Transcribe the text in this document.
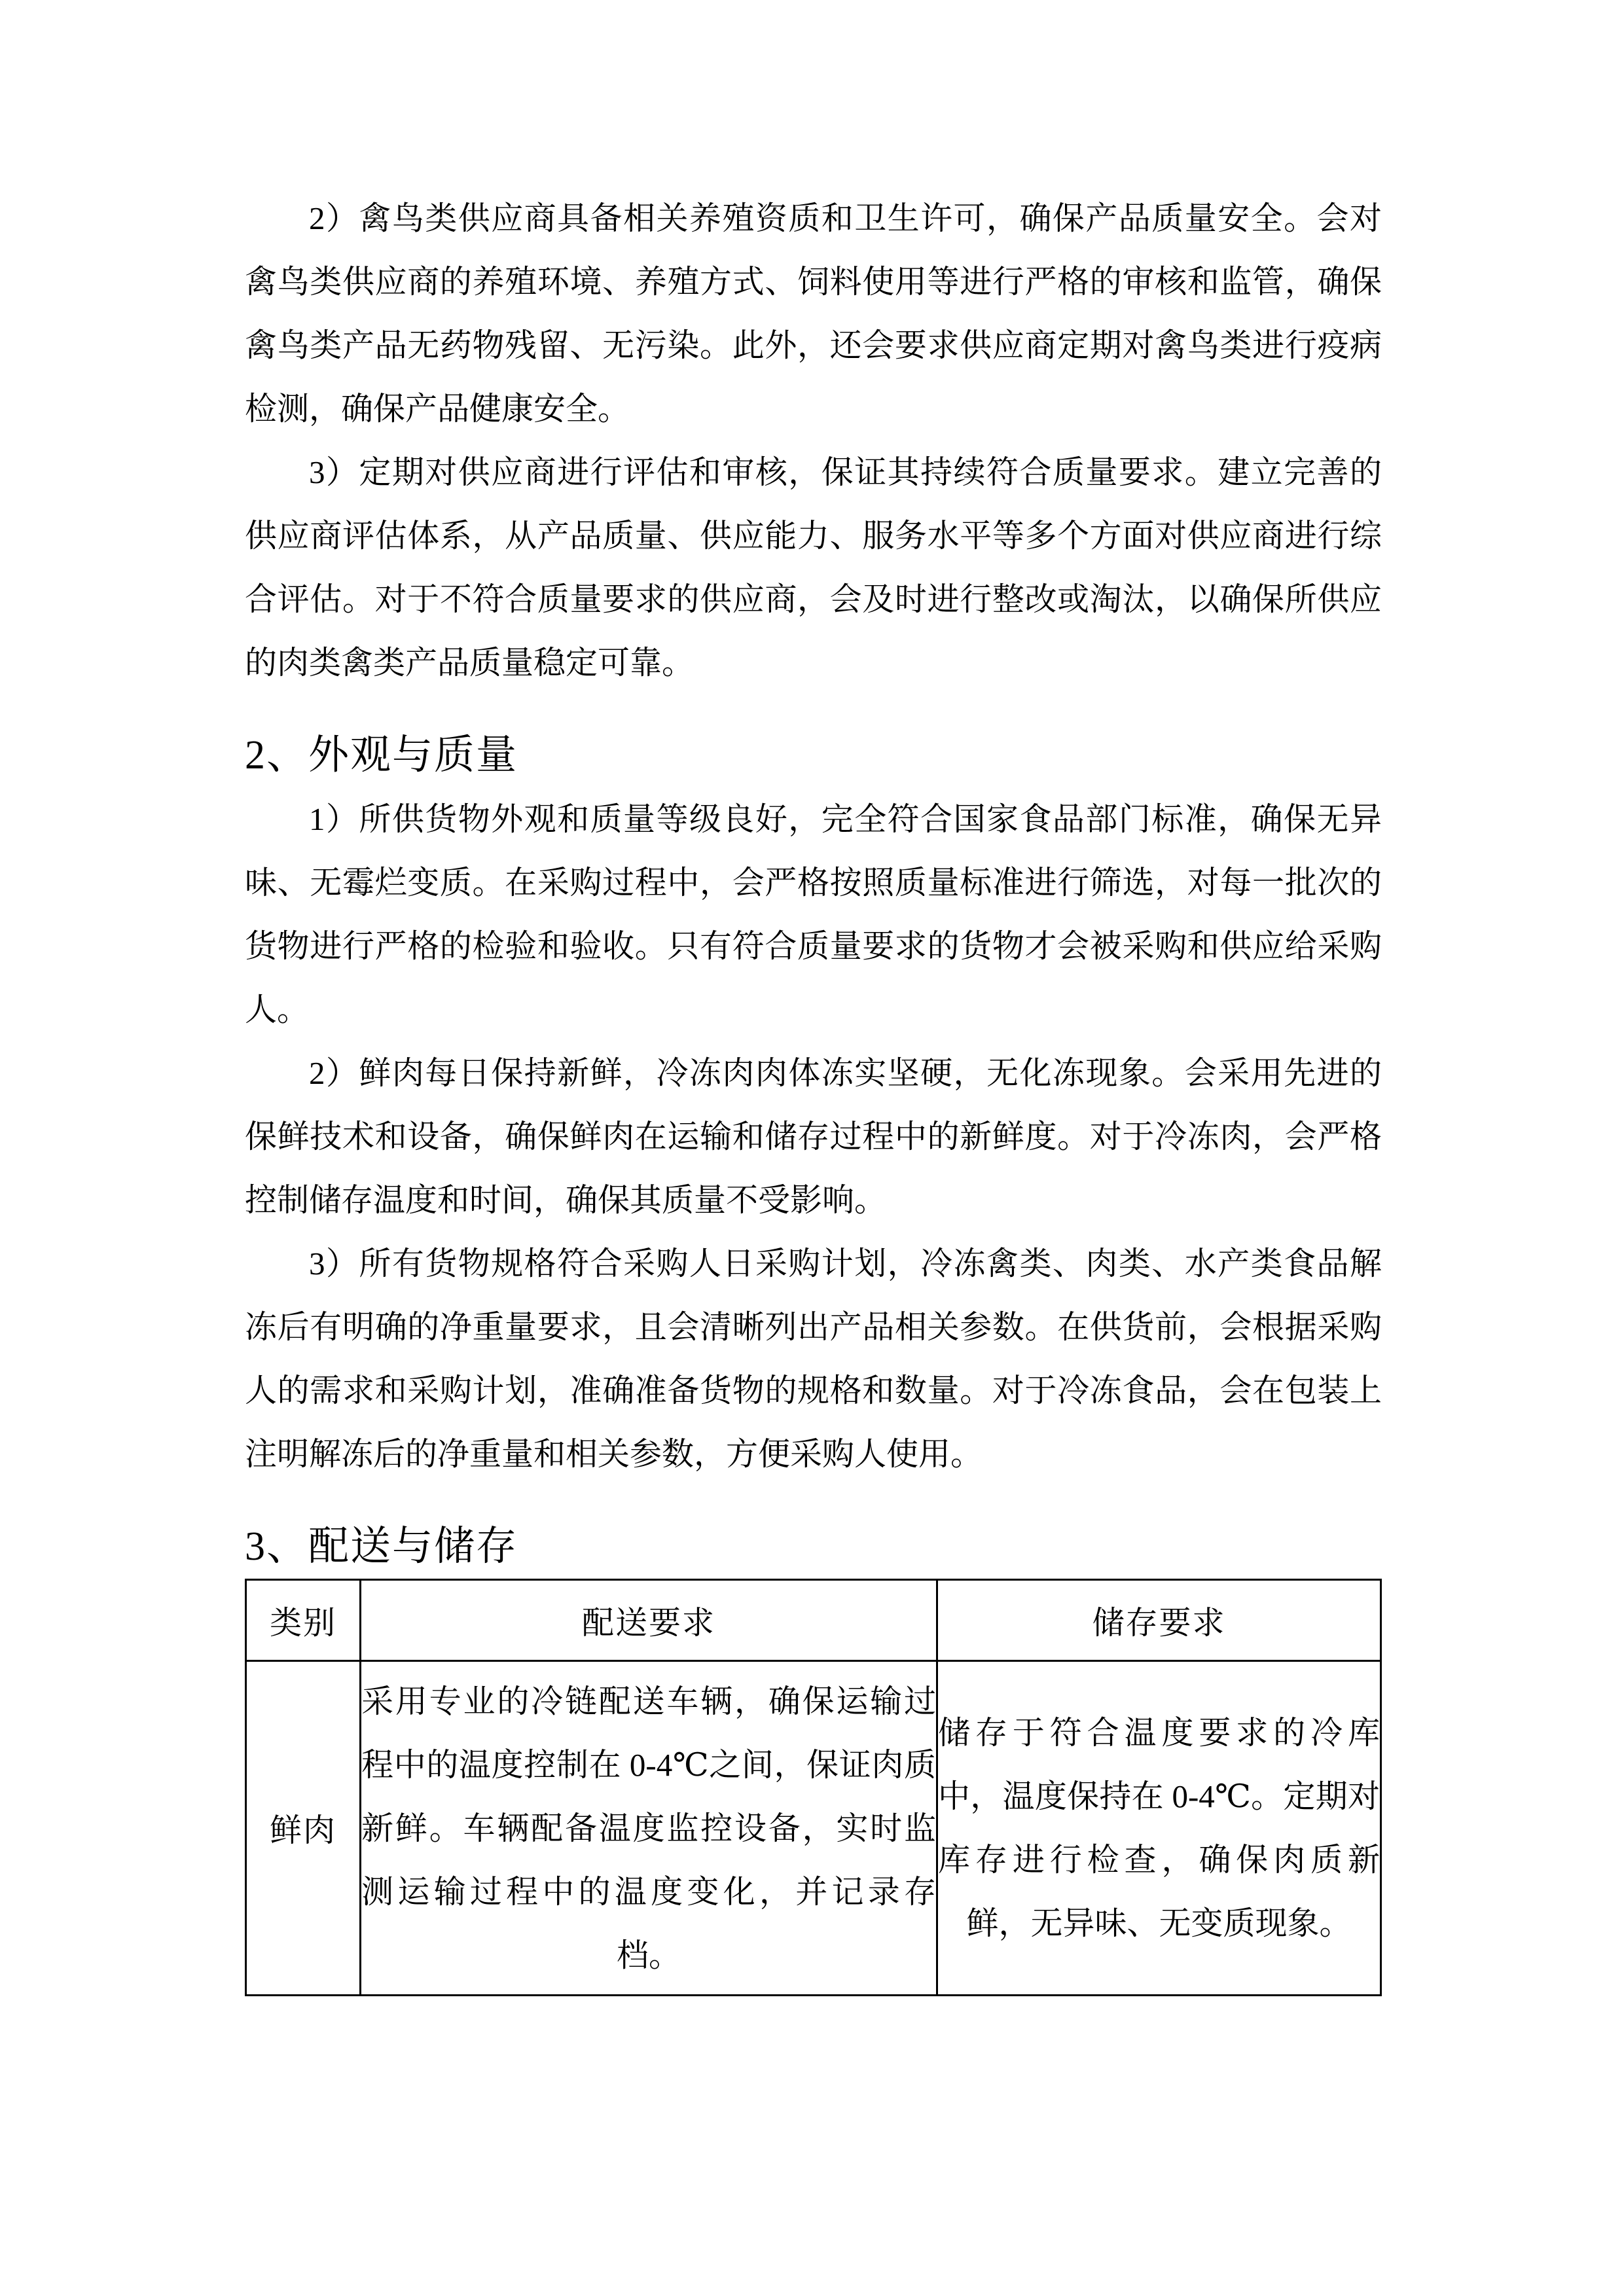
2）禽鸟类供应商具备相关养殖资质和卫生许可，确保产品质量安全。会对禽鸟类供应商的养殖环境、养殖方式、饲料使用等进行严格的审核和监管，确保禽鸟类产品无药物残留、无污染。此外，还会要求供应商定期对禽鸟类进行疫病检测，确保产品健康安全。

3）定期对供应商进行评估和审核，保证其持续符合质量要求。建立完善的供应商评估体系，从产品质量、供应能力、服务水平等多个方面对供应商进行综合评估。对于不符合质量要求的供应商，会及时进行整改或淘汰，以确保所供应的肉类禽类产品质量稳定可靠。

2、外观与质量

1）所供货物外观和质量等级良好，完全符合国家食品部门标准，确保无异味、无霉烂变质。在采购过程中，会严格按照质量标准进行筛选，对每一批次的货物进行严格的检验和验收。只有符合质量要求的货物才会被采购和供应给采购人。

2）鲜肉每日保持新鲜，冷冻肉肉体冻实坚硬，无化冻现象。会采用先进的保鲜技术和设备，确保鲜肉在运输和储存过程中的新鲜度。对于冷冻肉，会严格控制储存温度和时间，确保其质量不受影响。

3）所有货物规格符合采购人日采购计划，冷冻禽类、肉类、水产类食品解冻后有明确的净重量要求，且会清晰列出产品相关参数。在供货前，会根据采购人的需求和采购计划，准确准备货物的规格和数量。对于冷冻食品，会在包装上注明解冻后的净重量和相关参数，方便采购人使用。

3、配送与储存
类别	配送要求	储存要求
鲜肉	采用专业的冷链配送车辆，确保运输过程中的温度控制在 0-4℃之间，保证肉质新鲜。车辆配备温度监控设备，实时监测运输过程中的温度变化，并记录存档。	储存于符合温度要求的冷库中，温度保持在 0-4℃。定期对库存进行检查，确保肉质新鲜，无异味、无变质现象。
